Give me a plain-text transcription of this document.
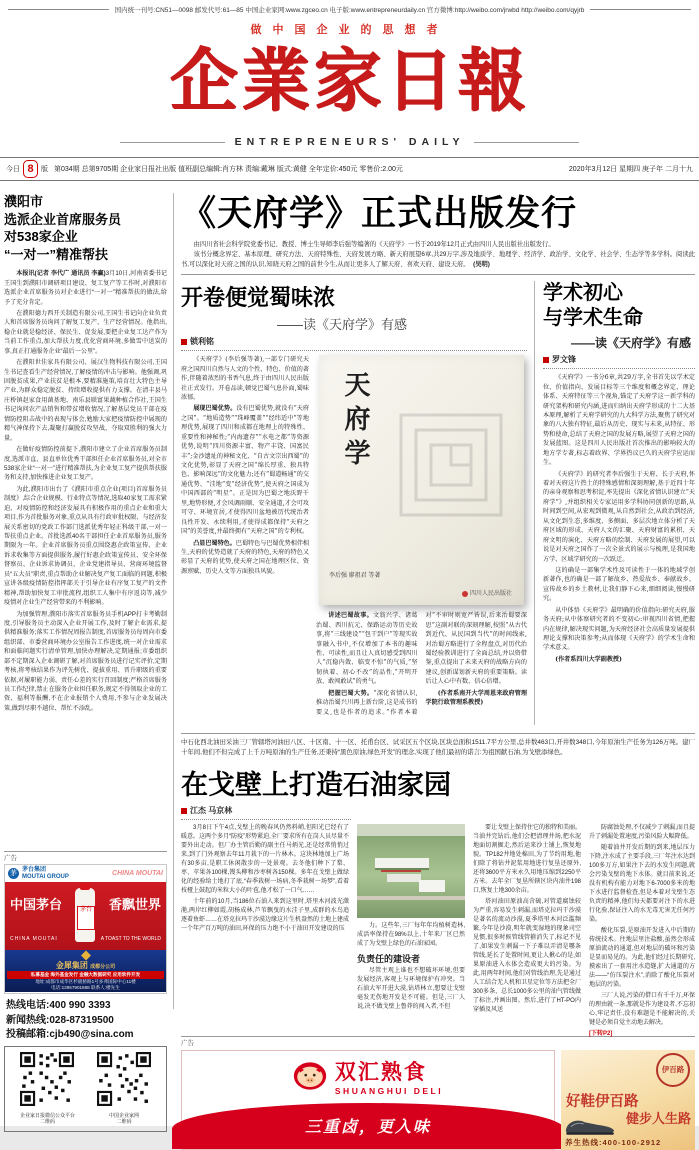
国内统一刊号:CN51—0098 邮发代号:61—85 中国企业家网:www.zgceo.cn 电子版:www.entrepreneurdaily.cn 官方微博:http://weibo.com/jrwbd http://weibo.com/qyjrb
做中国企业的思想者
企業家日報
ENTREPRENEURS' DAILY
今日 8	版 第034期 总第9705期 企业家日报社出版 值班副总编辑:肖方林 责编:戴琳 版式:黄健 全年定价:450元 零售价:2.00元	2020年3月12日 星期四 庚子年 二月十九
濮阳市
选派企业首席服务员
对538家企业
“一对一”精准帮扶

本报讯(记者 李代广 通讯员 李赢)3月10日,河南省委书记王国生到濮阳市调研项目建设、复工复产等工作时,对濮阳市选派企业首席服务员对企业进行“一对一”精准帮扶的做法,给予了充分肯定。

在濮阳德力西开关制造有限公司,王国生书记向企业负责人和首席服务员询问了解复工复产、生产经营情况。他指出,稳企业就是稳经济、保民生、促发展,要把企业复工达产作为当前工作重点,加大帮扶力度,优化营商环境,多做雪中送炭的事,真正打通服务企业“最后一公里”。

在濮阳世佳家具有限公司、展汉生物科技有限公司,王国生书记查看生产经营情况,了解疫情的冲击与影响。他强调,巩固脱贫成果,产业扶贫是根本,要精准施策,培育壮大特色主导产业,为群众稳定脱贫、持续增收提供有力支撑。在清丰县马庄桥镇赵家食用菌基地、南乐县联富果蔬种植合作社,王国生书记询问农产品销售和带贫增收情况,了解基层党员干部在疫情防控阻击战中的表现与体会,勉励大家把疫情防控中展现的精气神保持下去,凝聚打赢脱贫攻坚战、夺取双胜利的强大力量。

在做好疫情防控前提下,濮阳市建立了企业首席服务员制度,选派市直、县直单位优秀干部担任企业首席服务员,对全市538家企业“一对一”进行精准帮扶,为企业复工复产提供帮扶服务和支持,加快推进企业复工复产。

为此,濮阳市出台了《濮阳市重点企业(项目)首席服务员制度》,综合企业规模、行业特点等情况,选取40家复工需求紧迫、对疫情防控和经济发展具有积极作用的重点企业和重大项目,作为首批服务对象,重点从具有行政审批权限、与经济发展关系密切的党政工作部门选派优秀年轻正科级干部,一对一帮扶重点企业。首批选派40名干部担任企业首席服务员,服务期限为一年。企业首席服务员重点围绕惠企政策宣传、企业诉求收集等方面提供服务,履行好惠企政策宣传员、安全环保督察员、企业诉求协调员、企业党建指导员、营商环境监督员“五大员”职责,重点帮助企业解决复产复工面临的问题,积极宣讲各级疫情防控指挥部关于引导企业有序复工复产的文件精神,帮助加快复工审批流程,组织工人集中有序返岗等,减少疫情对企业生产经营带来的不利影响。

为加强管理,濮阳市落实首席服务员手机APP打卡考勤制度,引导服务员主动深入企业开展工作,及时了解企业需求,提供精准服务;落实工作情况周报告制度,首席服务员每周向市委组织部、市委营商环境办公室报告工作进度,统一对企业需求和面临问题实行清单管理,加快办理解决,定期通报;市委组织部不定期深入企业调研了解,对首席服务员进行记实评价,定期考核,将考核结果作为评先树优、提拔重用、晋升职级的重要依据,对履职能力弱、责任心差的实行召回制度;严格首席服务员工作纪律,禁止在服务企业担任职务,规定不得领取企业的工资、福利等报酬,不在企业报销个人费用,不参与企业发展决策,做到尽职不越位、帮忙不添乱。

广告
茅
茅台集团
MOUTAI GROUP	CHINA MOUTAI
中国茅台	香飘世界
茅台
CHINA MOUTAI	A TOAST TO THE WORLD
金犀集团 成都分公司
私募基金 海外基金发行 金融大数据研究 应用软件开发
地址:成都市成华区杉板桥路1号多弗国际中心11楼
电话:13957901888 联系人:楼先生
热线电话:400 990 3393
新闻热线:028-87319500
投稿邮箱:cjb490@sina.com
企业家日报微信公众平台
二维码
中国企业家网
二维码
《天府学》正式出版发行

由四川省社会科学院党委书记、教授、博士生导师李后强等编著的《天府学》一书于2019年12月正式由四川人民出版社出版发行。

该书分概念界定、基本原理、研究方法、天府特殊性、天府发展方略、新天府展望6章,共29万字,涉及地质学、地理学、经济学、政治学、文化学、社会学、生态学等多学科。阅读此书,可以深化对天府之国的认识,知晓天府之国的前世今生,从而让更多人了解天府、喜欢天府、建设天府。 (吴明)

开卷便觉蜀味浓
——读《天府学》有感
锁利铭

《天府学》(李后强等著),一部专门研究天府之国四川自然与人文的个性、特色、价值的著作,伴随着浓烈的书香气息,终于由四川人民出版社正式发行。开卷品读,顿觉巴蜀气息扑面,蜀味浓郁。

展现巴蜀优势。没有巴蜀优势,就没有“天府之国”。“地质造势”“珠峰覆盖”“经纬适中”等地理优势,展现了四川和成都在地理上的特殊性、重要性和神秘性;“内海遗存”“水电之都”等资源优势,说明“四川资源丰富、物产丰饶、国富民丰”;金沙遗址的神秘文化、“自古文宗出西蜀”的文化优势,彰显了天府之国“绵长厚重、独具特色、影响深远”的文化魅力;还有“蜀道畅通”的交通优势、“洼地”变“经济优势”,使天府之国成为中国西部的“明星”。正是因为巴蜀之地沃野千里,地势形便,才会风调雨顺、安全通道,才会可攻可守、环境宜居,才使得四川盆地被历代统治者良性开发、永续利用,才使得成都保持“天府之国”的美誉度,并最终拥有“天府之国”的专利权。

凸显巴蜀特色。巴蜀特色与巴蜀优势相伴相生,天府的优势造就了天府的特色,天府的特色又彰显了天府的优势,使天府之国在地理区位、资源禀赋、历史人文等方面独具风貌。

天府学
李后强 廖祖君 等著
四川人民出版社

讲述巴蜀故事。文翁兴学、诸葛治蜀、西川抗元、保路运动等历史故事,将“三线建设”“包干到户”等现实故事融入书中,不仅增加了本书的趣味性、可读性,而且让人真切感受到四川人“沉稳内敛、临变不惊”的气质,“坚韧执着、初心不改”的品性,“开明开放、敢闯敢试”的勇气。

把握巴蜀大势。“深化省情认识,推动治蜀兴川再上新台阶,这是成书的要义,也是作者的追求。”作者本着对“不审时则宽严皆误,后来治蜀要深思”这副对联的深刻理解,按照“从古代到近代、从民国到当代”的时间线索,对治蜀方略进行了全程盘点,对历代治蜀经验教训进行了全面总结,并以资借鉴,重点提出了未来天府的战略方向的建议,创新谋划新天府的重要策略。读后让人心中有数、信心倍增。

(作者系南开大学周恩来政府管理学院行政管理系教授)

学术初心
与学术生命
——读《天府学》有感
罗文锋

《天府学》一书分6章,共29万字,全书首先以学术定位、价值指向、发展目标等三个维度和概念界定、理论体系、天府特征等三个视角,锚定了天府学这一新学科的研究架构和研究内涵,进而归纳出天府学形成的十二大基本原理,解析了天府学研究的九大科学方法,聚焦了研究对象的八大独有特征,最后从历史、现实与未来,从特征、形势和使命,总结了天府之国的发展方略,展望了天府之国的发展蓝图。这是四川人民出版社首次推出的影响较大的地方学专著,标志着政界、学界热议已久的天府学应运而生。

《天府学》的研究者李后强生于天府、长于天府,怀着对天府这片热土的特殊感情和深刻理解,基于近四十年的亲身观察和思考积淀,率先提出《深化省情认识建立“天府学”》,并组织相关专家运用多学科协同创新的思路,从时间到空间,从宏观到微观,从自然到社会,从政治到经济,从文化到生态,多维度、多侧面、多层次地立体分析了天府区域的形成、天府人文的汇聚、天府财富的累积、天府文明的演化、天府方略的绘制、天府发展的展望,可以说是对天府之国作了一次全景式的展示与梳理,是我国地方学、区域学研究的一次跃迁。

这的确是一部集学术性及可读性于一体的地域学创新著作,也的确是一部了解故乡、热爱故乡、奉献故乡、宣传故乡的乡土教材,让我们静下心来,细细阅读,慢慢研究。

从中体悟《天府学》最明确的价值指向:研究天府,服务天府;从中体察研究者的不变初心:审视四川省情,把握内在规律,解决现实问题,为天府经济社会高质量发展提供理论支撑和决策参考;从而体现《天府学》的学术生命和学术意义。

(作者系四川大学副教授)

中石化西北油田采油三厂管辖塔河油田八区、十区南、十一区、托甫台区、试采区五个区块,区块总面积1511.7平方公里,总井数463口,开井数348口,今年原油生产任务为126万吨。建厂十年间,他们不但完成了上千万吨原油的生产任务,还秉持“黑色原油,绿色开发”的理念,实现了他们最初的诺言:为祖国献石油,为戈壁添绿色。
在戈壁上打造石油家园
江杰 马京林

3月8日下午4点,戈壁上的晚春风仍然料峭,但阳光已经有了暖意。这两个多月“防疫”形势紧迫,全厂要求所有在岗人员尽量不要外出走动。但厂办主管后勤的副主任马炳光,还是经常悄悄过来,到了门外观察去年11月栽下的一片林木。这块林地加上广场有30多亩,是职工休闲散步的一处景观。去冬他们种下了梨、枣、苹果各100棵,馒头柳和沙枣树各150棵。多年在戈壁上做绿化的经验给土地打了底,“春季栽树一场病,冬季栽树一场梦”,看着枝桠上鼓起的米粒大小的叶苞,他才松了一口气……

十年前的10月,当186位石油人来到这里时,塔里木河波光潋滟,两岸红柳如霞,胡杨成林,芦苇飘曳的水洼子里,成群的水鸟追逐着鱼虾……在塔克拉玛干沙漠边缘这片生机盎然的土地上建成一个年产百万吨的油田,环保的压力绝不小于油田开发建设的压	力。这些年,三厂每年年均植树造林,成活率保持在98%以上,十年来厂区已然成了为戈壁上绿色的石油家园。

负责任的建设者

尽管主观上谁也不想破坏环境,但要发展经济,客观上与环境保护有冲突。当石油大军开进大漠,钻塔林立,想要让戈壁毫发无伤地开发是不可能。但是,三厂人说,决不做戈壁上鲁莽的闯入者,不但

要让戈壁上保持住它的独特和美丽。当油井完钻后,他们会把清理井场,把水泥地面切割掘走,然后运来沙土铺上,恢复地貌。TP182井地处棉田,为了节约用地,他们除了将钻井泥浆用地进行复垦还原外,还将3600平方米永久用地压缩到2250平方米。去年全厂复垦所辖区块内油井198口,恢复土地300余亩。

塔河油田原油高含硫,对管道腐蚀较为严重,容易发生刺漏,而塔克拉玛干沙漠是著名的流动沙漠,夏季塔里木河泛滥频繁,今年是沙漠,明年就变湿地的现象司空见惯,很多时候管线管箍消失了,标记不见了,如果发生刺漏一下子难以弄清是哪条管线,延长了处置时间,更让人揪心的是,如果原油进入水体会造成更大的污染。为此,用两年时间,他们对管线治理,先是通过人工结合无人机和卫星定位等方法把全厂300多条、总长1000多公里的油气管线做了标注,并画出图。然后,进行了HT-PO内穿插及风送

防腐蚀处理,不仅减少了刺漏,而且提升了刺漏处置速度,污染风险大幅降低。

随着油井开发后期的到来,地层压力下降,注水成了主要手段,三厂年注水达到100多万方,如果注下去的水发生问题,就会污染戈壁的地下水体。就目前来说,还没有机构有能力对地下6-7000多米的地下水进行监督检查,但是本着对戈壁生态负责的精神,他们每天都要对注下的水进行化验,保证注入的水无毒无害无任何污染。

酸化压裂,是原油开发进入中后期的传统技术。往地层里注盐酸,虽然会形成原油流动的通道,但对地层的破坏和污染是显而易见的。为此,他们经过长期研究,摸索出了一套用注水造缝,扩大通道的方法——“仿压裂注水”,消除了酸化压裂对地层的污染。

三厂人说,污染的借口有千千万,环保的理由就一条,那就是作为建设者,不忘初心,牢记责任,没有难题是不能解决的,关键是必须自觉主动地去解决。

[下转P2]

广告
双汇熟食
SHUANGHUI DELI
三重卤，更入味
伊百路
好鞋伊百路
健步人生路
养生热线:400-100-2912
